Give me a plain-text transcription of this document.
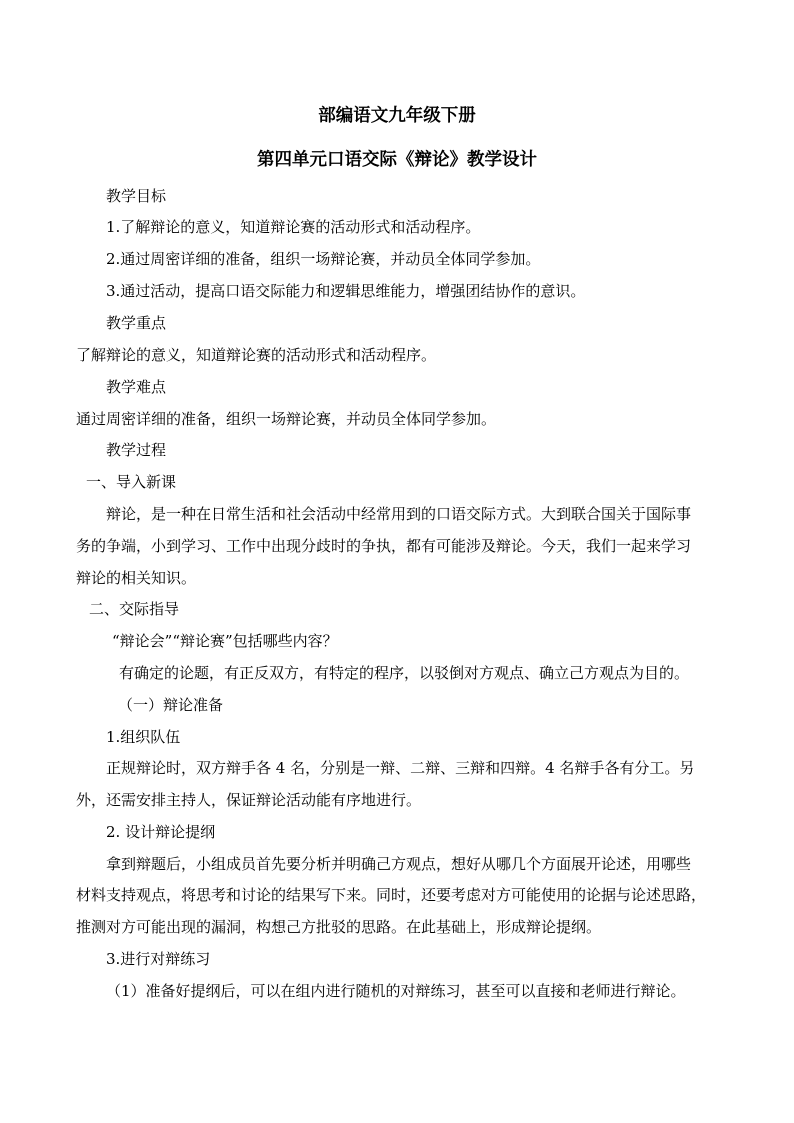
部编语文九年级下册
第四单元口语交际《辩论》教学设计
教学目标
1.了解辩论的意义，知道辩论赛的活动形式和活动程序。
2.通过周密详细的准备，组织一场辩论赛，并动员全体同学参加。
3.通过活动，提高口语交际能力和逻辑思维能力，增强团结协作的意识。
教学重点
了解辩论的意义，知道辩论赛的活动形式和活动程序。
教学难点
通过周密详细的准备，组织一场辩论赛，并动员全体同学参加。
教学过程
一、导入新课
辩论，是一种在日常生活和社会活动中经常用到的口语交际方式。大到联合国关于国际事
务的争端，小到学习、工作中出现分歧时的争执，都有可能涉及辩论。今天，我们一起来学习
辩论的相关知识。
二、交际指导
“辩论会”“辩论赛”包括哪些内容？
有确定的论题，有正反双方，有特定的程序，以驳倒对方观点、确立己方观点为目的。
（一）辩论准备
1.组织队伍
正规辩论时，双方辩手各 4 名，分别是一辩、二辩、三辩和四辩。4 名辩手各有分工。另
外，还需安排主持人，保证辩论活动能有序地进行。
2. 设计辩论提纲
拿到辩题后，小组成员首先要分析并明确己方观点，想好从哪几个方面展开论述，用哪些
材料支持观点，将思考和讨论的结果写下来。同时，还要考虑对方可能使用的论据与论述思路，
推测对方可能出现的漏洞，构想己方批驳的思路。在此基础上，形成辩论提纲。
3.进行对辩练习
（1）准备好提纲后，可以在组内进行随机的对辩练习，甚至可以直接和老师进行辩论。
